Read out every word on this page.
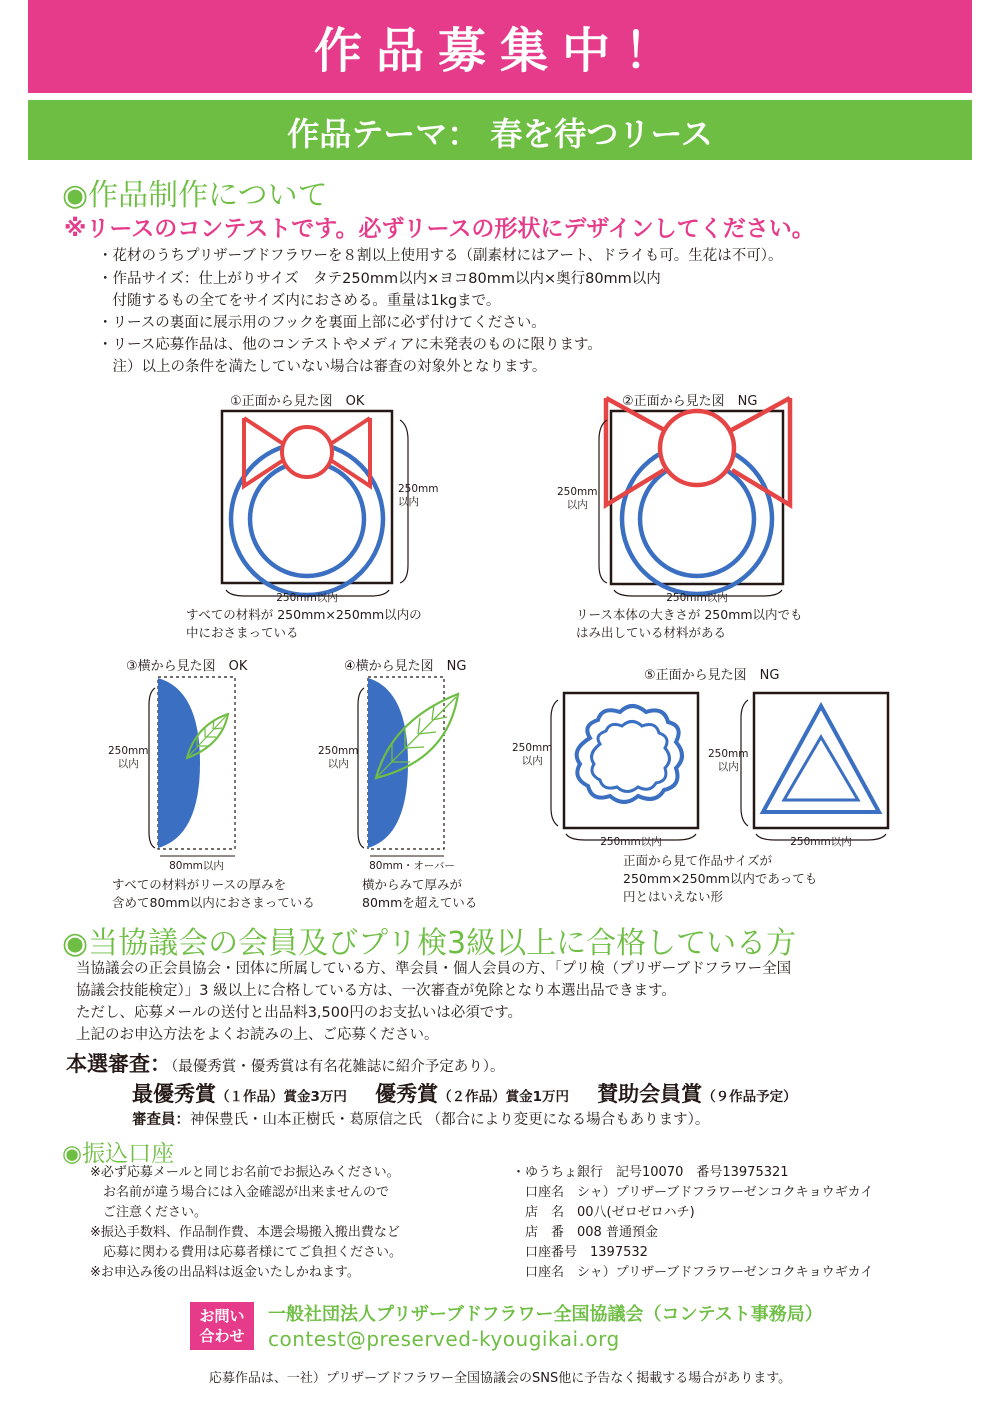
作品募集中！
作品テーマ： 春を待つリース
◉作品制作について
※リースのコンテストです。必ずリースの形状にデザインしてください。
・花材のうちプリザーブドフラワーを８割以上使用する（副素材にはアート、ドライも可。生花は不可）。
・作品サイズ：仕上がりサイズ　タテ250mm以内×ヨコ80mm以内×奥行80mm以内
　付随するもの全てをサイズ内におさめる。重量は1kgまで。
・リースの裏面に展示用のフックを裏面上部に必ず付けてください。
・リース応募作品は、他のコンテストやメディアに未発表のものに限ります。
　注）以上の条件を満たしていない場合は審査の対象外となります。
①正面から見た図　OK
250mm
以内
250mm以内
すべての材料が 250mm×250mm以内の
中におさまっている
②正面から見た図　NG
250mm
以内
250mm以内
リース本体の大きさが 250mm以内でも
はみ出している材料がある
③横から見た図　OK
250mm
以内
80mm以内
すべての材料がリースの厚みを
含めて80mm以内におさまっている
④横から見た図　NG
250mm
以内
80mm・オーバー
横からみて厚みが
80mmを超えている
⑤正面から見た図　NG
250mm
以内
250mm
以内
250mm以内	250mm以内
正面から見て作品サイズが
250mm×250mm以内であっても
円とはいえない形
◉当協議会の会員及びプリ検3級以上に合格している方
当協議会の正会員協会・団体に所属している方、準会員・個人会員の方、「プリ検（プリザーブドフラワー全国
協議会技能検定）」3 級以上に合格している方は、一次審査が免除となり本選出品できます。
ただし、応募メールの送付と出品料3,500円のお支払いは必須です。
上記のお申込方法をよくお読みの上、ご応募ください。
本選審査：（最優秀賞・優秀賞は有名花雑誌に紹介予定あり）。
最優秀賞（１作品）賞金3万円 優秀賞（２作品）賞金1万円 賛助会員賞（９作品予定）
審査員：神保豊氏・山本正樹氏・葛原信之氏 （都合により変更になる場合もあります）。
◉振込口座
※必ず応募メールと同じお名前でお振込みください。
　お名前が違う場合には入金確認が出来ませんので
　ご注意ください。
※振込手数料、作品制作費、本選会場搬入搬出費など
　応募に関わる費用は応募者様にてご負担ください。
※お申込み後の出品料は返金いたしかねます。
・ゆうちょ銀行　記号10070　番号13975321
　口座名　シャ）プリザーブドフラワーゼンコクキョウギカイ
　店　名　00八(ゼロゼロハチ)
　店　番　008 普通預金
　口座番号　1397532
　口座名　シャ）プリザーブドフラワーゼンコクキョウギカイ
お問い
合わせ
一般社団法人プリザーブドフラワー全国協議会（コンテスト事務局）
contest@preserved-kyougikai.org
応募作品は、一社）プリザーブドフラワー全国協議会のSNS他に予告なく掲載する場合があります。
